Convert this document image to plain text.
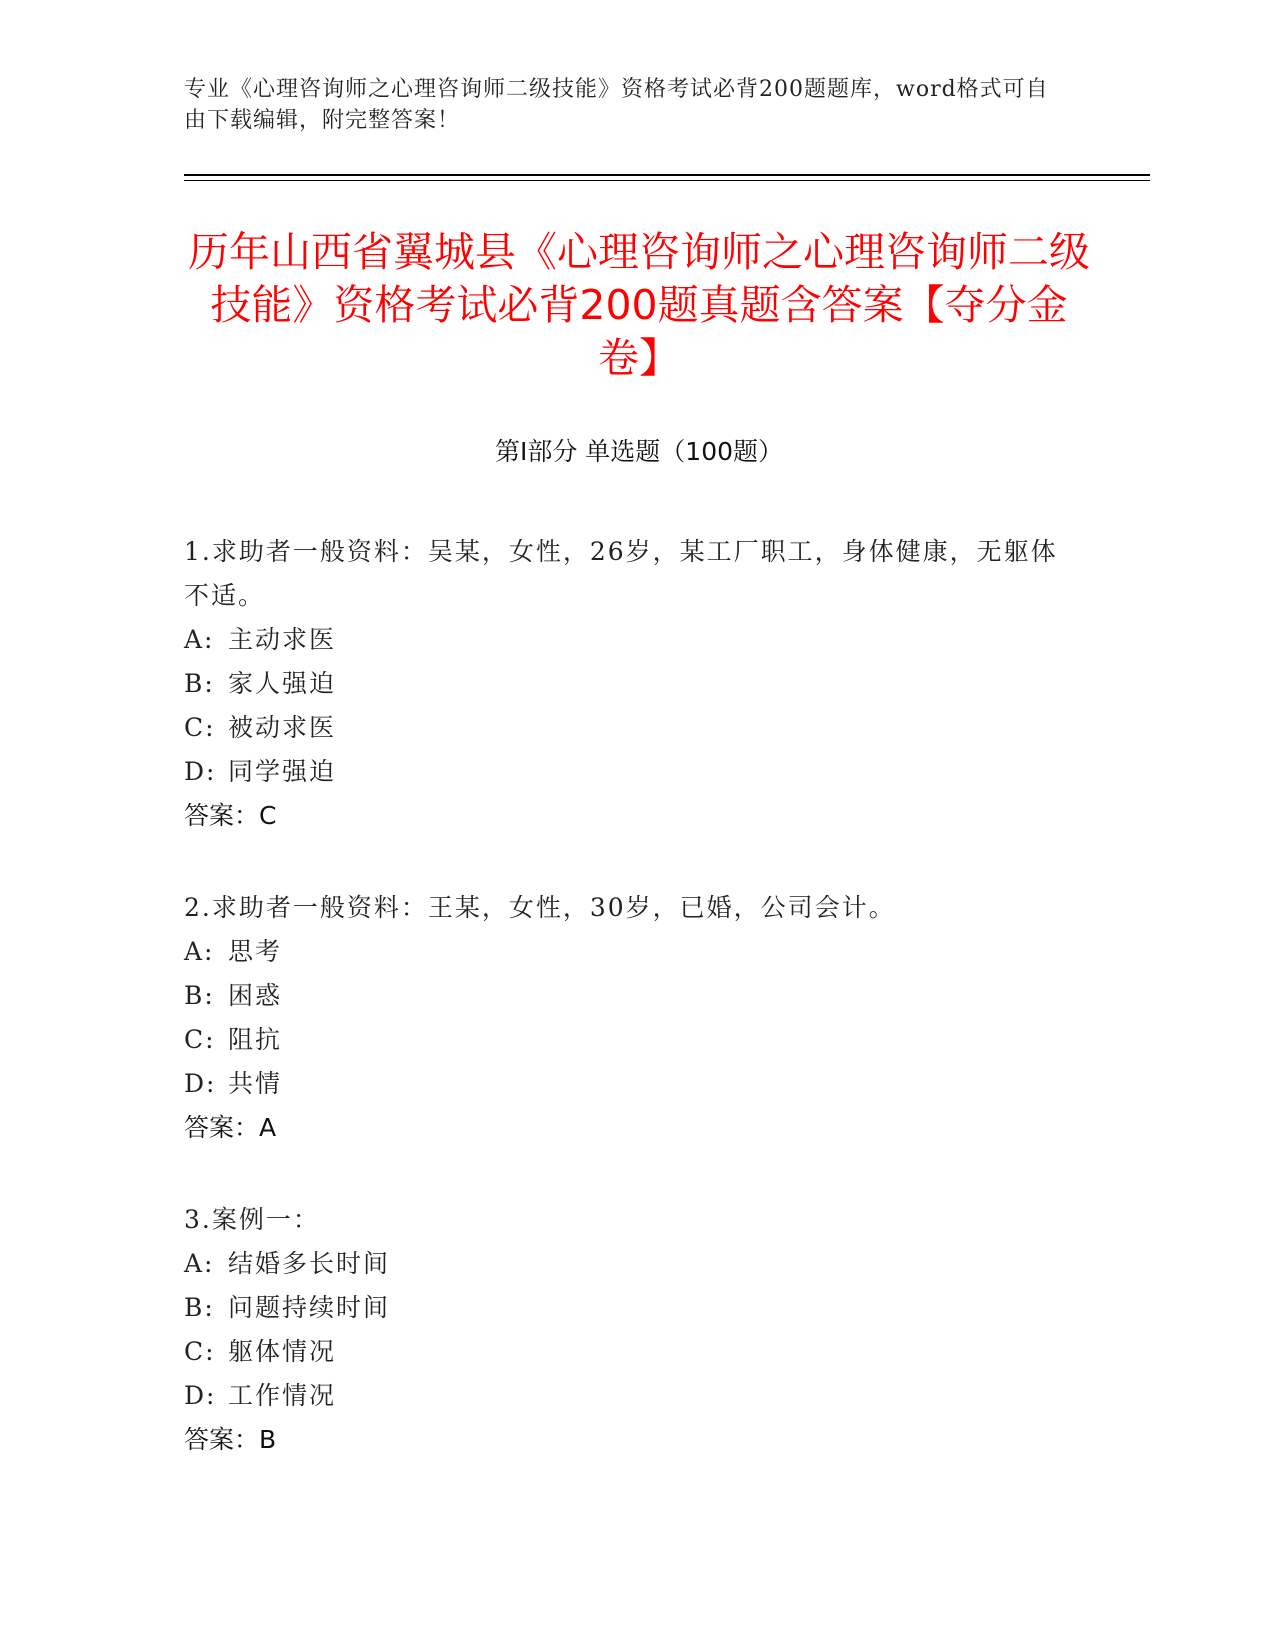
专业《心理咨询师之心理咨询师二级技能》资格考试必背200题题库，word格式可自由下载编辑，附完整答案！
历年山西省翼城县《心理咨询师之心理咨询师二级技能》资格考试必背200题真题含答案【夺分金卷】
第Ⅰ部分 单选题（100题）
1.求助者一般资料：吴某，女性，26岁，某工厂职工，身体健康，无躯体不适。
A: 主动求医
B: 家人强迫
C: 被动求医
D: 同学强迫
答案：C
2.求助者一般资料：王某，女性，30岁，已婚，公司会计。
A: 思考
B: 困惑
C: 阻抗
D: 共情
答案：A
3.案例一：
A: 结婚多长时间
B: 问题持续时间
C: 躯体情况
D: 工作情况
答案：B
